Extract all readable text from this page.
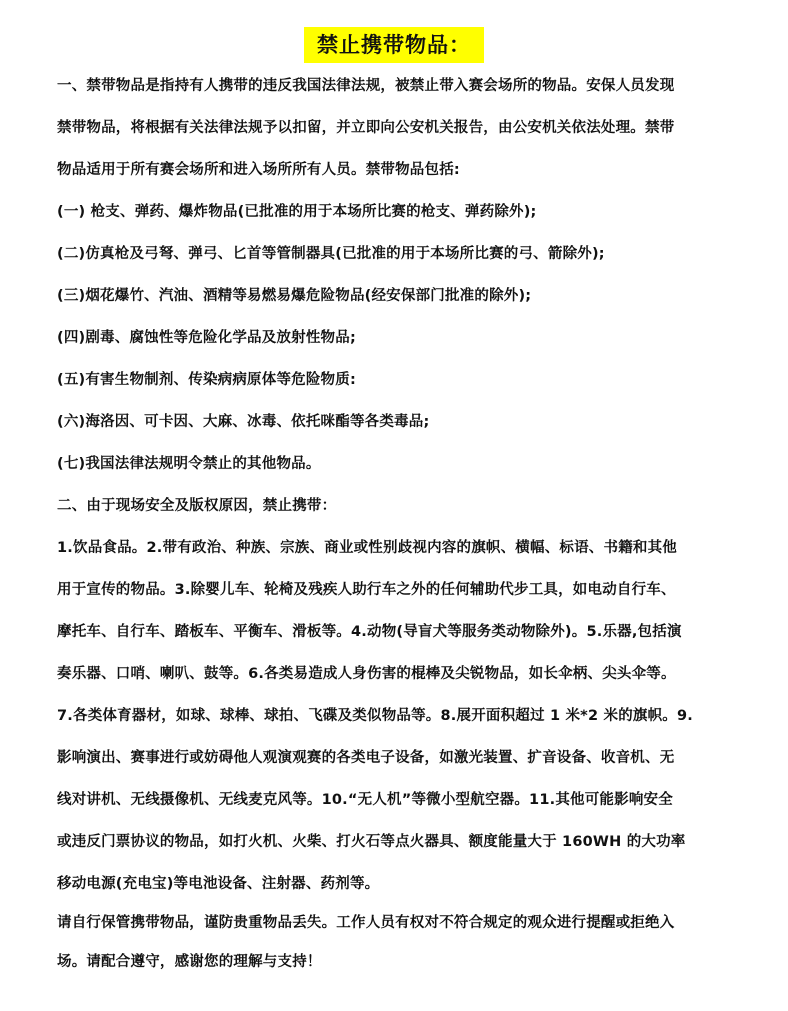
禁止携带物品：
一、禁带物品是指持有人携带的违反我国法律法规，被禁止带入赛会场所的物品。安保人员发现
禁带物品，将根据有关法律法规予以扣留，并立即向公安机关报告，由公安机关依法处理。禁带
物品适用于所有赛会场所和进入场所所有人员。禁带物品包括:
(一) 枪支、弹药、爆炸物品(已批准的用于本场所比赛的枪支、弹药除外);
(二)仿真枪及弓弩、弹弓、匕首等管制器具(已批准的用于本场所比赛的弓、箭除外);
(三)烟花爆竹、汽油、酒精等易燃易爆危险物品(经安保部门批准的除外);
(四)剧毒、腐蚀性等危险化学品及放射性物品;
(五)有害生物制剂、传染病病原体等危险物质:
(六)海洛因、可卡因、大麻、冰毒、依托咪酯等各类毒品;
(七)我国法律法规明令禁止的其他物品。
二、由于现场安全及版权原因，禁止携带：
1.饮品食品。2.带有政治、种族、宗族、商业或性别歧视内容的旗帜、横幅、标语、书籍和其他
用于宣传的物品。3.除婴儿车、轮椅及残疾人助行车之外的任何辅助代步工具，如电动自行车、
摩托车、自行车、踏板车、平衡车、滑板等。4.动物(导盲犬等服务类动物除外)。5.乐器,包括演
奏乐器、口哨、喇叭、鼓等。6.各类易造成人身伤害的棍棒及尖锐物品，如长伞柄、尖头伞等。
7.各类体育器材，如球、球棒、球拍、飞碟及类似物品等。8.展开面积超过 1 米*2 米的旗帜。9.
影响演出、赛事进行或妨碍他人观演观赛的各类电子设备，如激光装置、扩音设备、收音机、无
线对讲机、无线摄像机、无线麦克风等。10.“无人机”等微小型航空器。11.其他可能影响安全
或违反门票协议的物品，如打火机、火柴、打火石等点火器具、额度能量大于 160WH 的大功率
移动电源(充电宝)等电池设备、注射器、药剂等。
请自行保管携带物品，谨防贵重物品丢失。工作人员有权对不符合规定的观众进行提醒或拒绝入
场。请配合遵守，感谢您的理解与支持！
